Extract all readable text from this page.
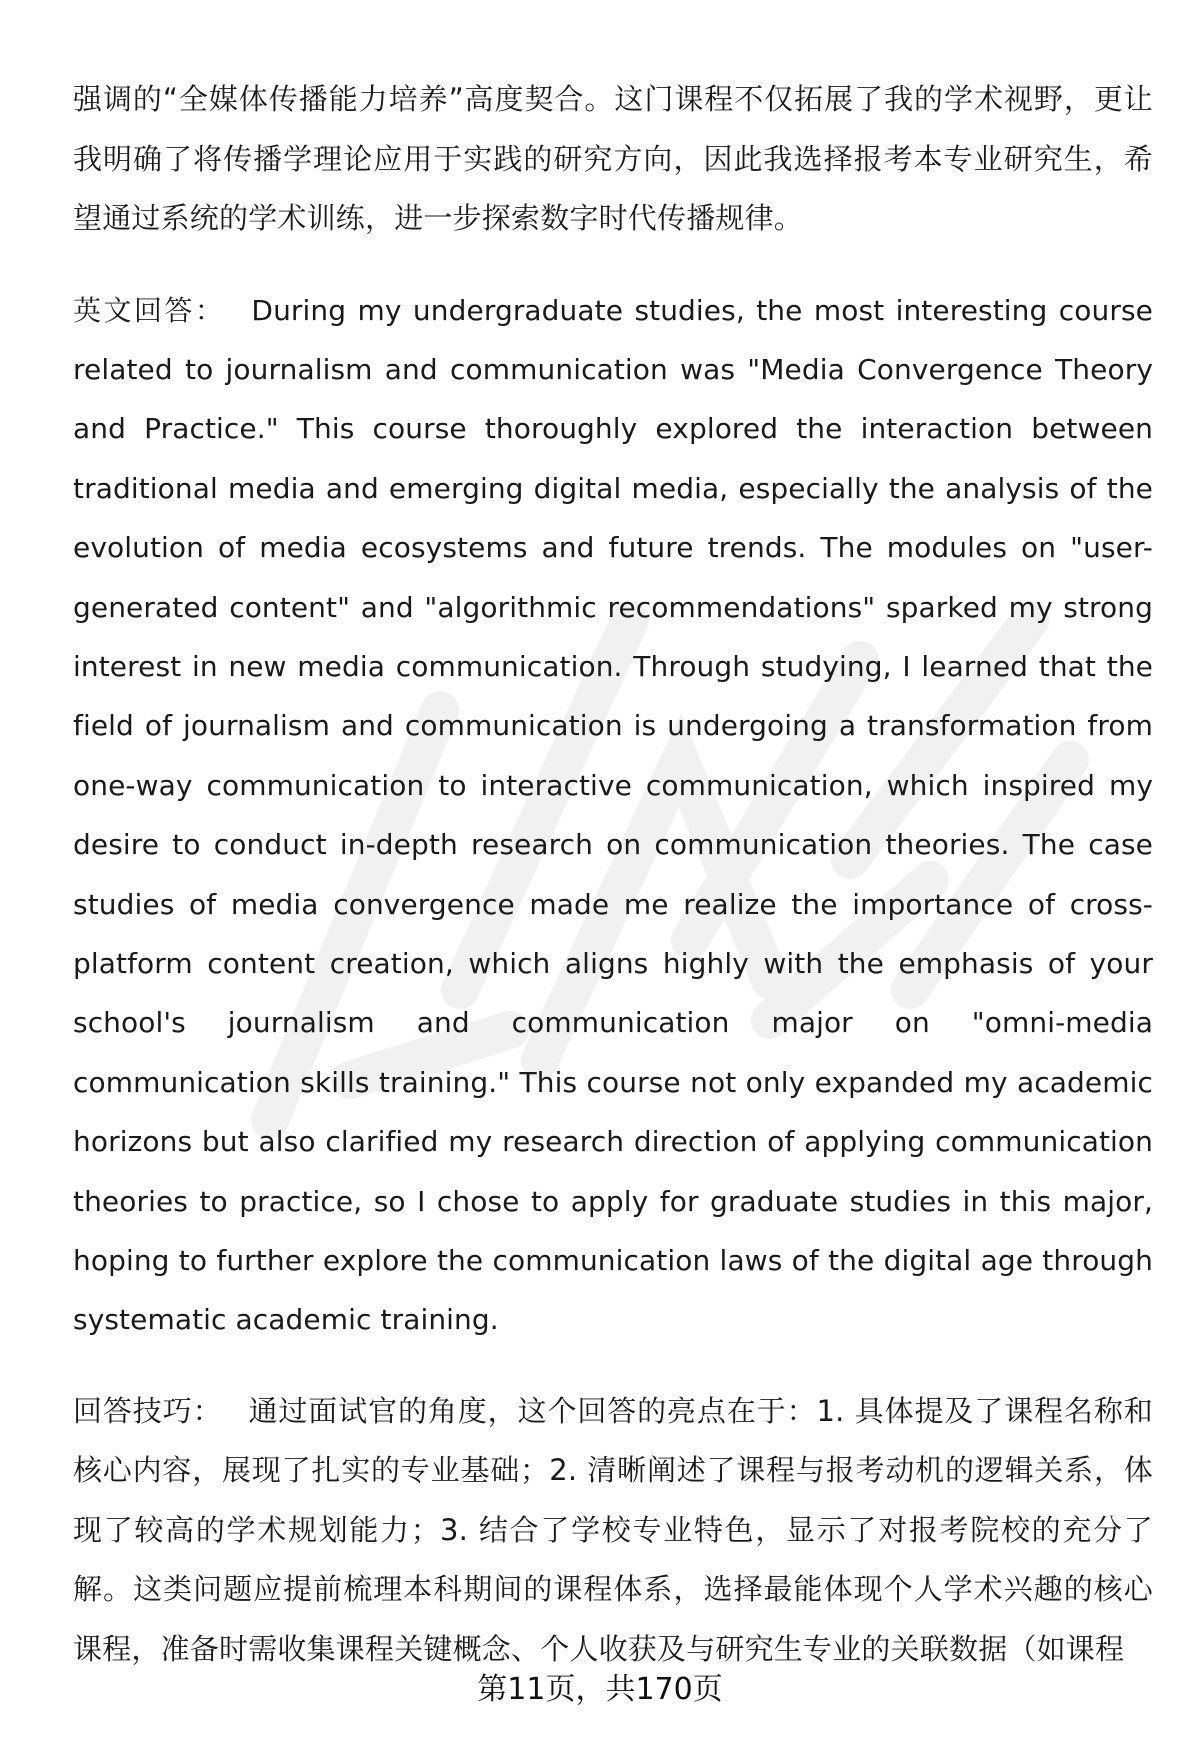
强调的“全媒体传播能力培养”高度契合。这门课程不仅拓展了我的学术视野，更让我明确了将传播学理论应用于实践的研究方向，因此我选择报考本专业研究生，希望通过系统的学术训练，进一步探索数字时代传播规律。

英文回答： During my undergraduate studies, the most interesting course related to journalism and communication was "Media Convergence Theory and Practice." This course thoroughly explored the interaction between traditional media and emerging digital media, especially the analysis of the evolution of media ecosystems and future trends. The modules on "user-generated content" and "algorithmic recommendations" sparked my strong interest in new media communication. Through studying, I learned that the field of journalism and communication is undergoing a transformation from one-way communication to interactive communication, which inspired my desire to conduct in-depth research on communication theories. The case studies of media convergence made me realize the importance of cross-platform content creation, which aligns highly with the emphasis of your school's journalism and communication major on "omni-media communication skills training." This course not only expanded my academic horizons but also clarified my research direction of applying communication theories to practice, so I chose to apply for graduate studies in this major, hoping to further explore the communication laws of the digital age through systematic academic training.

回答技巧： 通过面试官的角度，这个回答的亮点在于：1. 具体提及了课程名称和核心内容，展现了扎实的专业基础；2. 清晰阐述了课程与报考动机的逻辑关系，体现了较高的学术规划能力；3. 结合了学校专业特色，显示了对报考院校的充分了解。这类问题应提前梳理本科期间的课程体系，选择最能体现个人学术兴趣的核心课程，准备时需收集课程关键概念、个人收获及与研究生专业的关联数据（如课程

第11页，共170页
